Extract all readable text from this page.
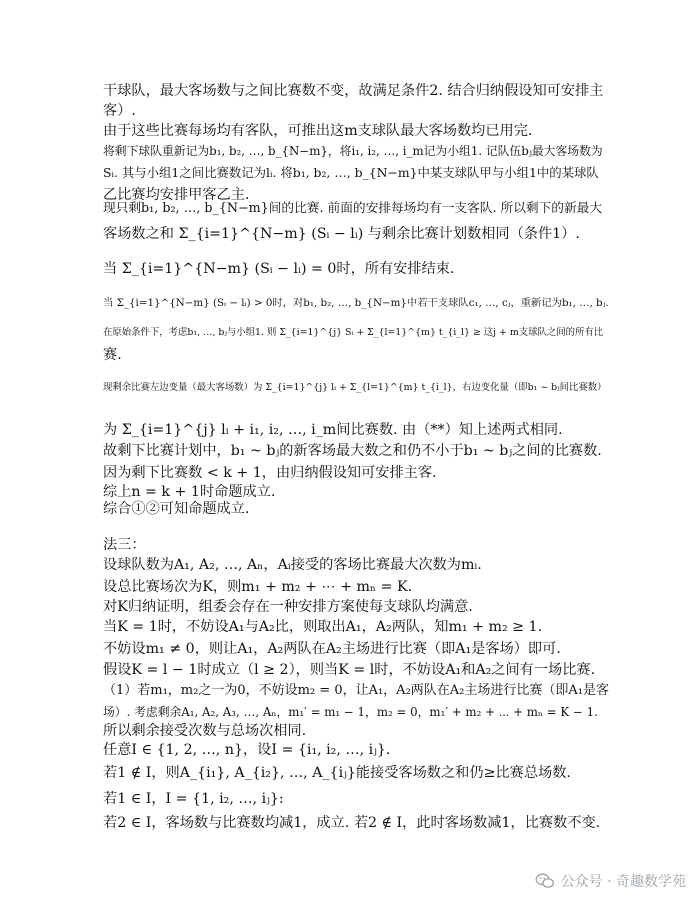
干球队，最大客场数与之间比赛数不变，故满足条件2. 结合归纳假设知可安排主
客）.
由于这些比赛每场均有客队，可推出这m支球队最大客场数均已用完.
将剩下球队重新记为b₁, b₂, …, b_{N−m}，将i₁, i₂, …, i_m记为小组1. 记队伍bⱼ最大客场数为
Sᵢ. 其与小组1之间比赛数记为lᵢ. 将b₁, b₂, …, b_{N−m}中某支球队甲与小组1中的某球队
乙比赛均安排甲客乙主.
现只剩b₁, b₂, …, b_{N−m}间的比赛. 前面的安排每场均有一支客队. 所以剩下的新最大
客场数之和 Σ_{i=1}^{N−m} (Sᵢ − lᵢ) 与剩余比赛计划数相同（条件1）.
当 Σ_{i=1}^{N−m} (Sᵢ − lᵢ) = 0时，所有安排结束.
当 Σ_{i=1}^{N−m} (Sᵢ − lᵢ) > 0时，对b₁, b₂, …, b_{N−m}中若干支球队c₁, …, cⱼ，重新记为b₁, …, bⱼ.
在原始条件下，考虑b₁, …, bⱼ与小组1. 则 Σ_{i=1}^{j} Sᵢ + Σ_{l=1}^{m} t_{i_l} ≥ 这j + m支球队之间的所有比
赛.
现剩余比赛左边变量（最大客场数）为 Σ_{i=1}^{j} lᵢ + Σ_{l=1}^{m} t_{i_l}，右边变化量（即b₁ ~ bⱼ间比赛数）
为 Σ_{i=1}^{j} lᵢ + i₁, i₂, …, i_m间比赛数. 由（**）知上述两式相同.
故剩下比赛计划中，b₁ ~ bⱼ的新客场最大数之和仍不小于b₁ ~ bⱼ之间的比赛数.
因为剩下比赛数 < k + 1，由归纳假设知可安排主客.
综上n = k + 1时命题成立.
综合①②可知命题成立.
法三：
设球队数为A₁, A₂, …, Aₙ，Aᵢ接受的客场比赛最大次数为mᵢ.
设总比赛场次为K，则m₁ + m₂ + ⋯ + mₙ = K.
对K归纳证明，组委会存在一种安排方案使每支球队均满意.
当K = 1时，不妨设A₁与A₂比，则取出A₁，A₂两队，知m₁ + m₂ ≥ 1.
不妨设m₁ ≠ 0，则让A₁，A₂两队在A₂主场进行比赛（即A₁是客场）即可.
假设K = l − 1时成立（l ≥ 2），则当K = l时，不妨设A₁和A₂之间有一场比赛.
（1）若m₁，m₂之一为0，不妨设m₂ = 0，让A₁，A₂两队在A₂主场进行比赛（即A₁是客
场）. 考虑剩余A₁, A₂, A₃, …, Aₙ，m₁′ = m₁ − 1，m₂ = 0，m₁′ + m₂ + ⋯ + mₙ = K − 1.
所以剩余接受次数与总场次相同.
任意I ∈ {1, 2, …, n}，设I = {i₁, i₂, …, iⱼ}.
若1 ∉ I，则A_{i₁}, A_{i₂}, …, A_{iⱼ}能接受客场数之和仍≥比赛总场数.
若1 ∈ I，I = {1, i₂, …, iⱼ}:
若2 ∈ I，客场数与比赛数均减1，成立. 若2 ∉ I，此时客场数减1，比赛数不变.
公众号 · 奇趣数学苑
